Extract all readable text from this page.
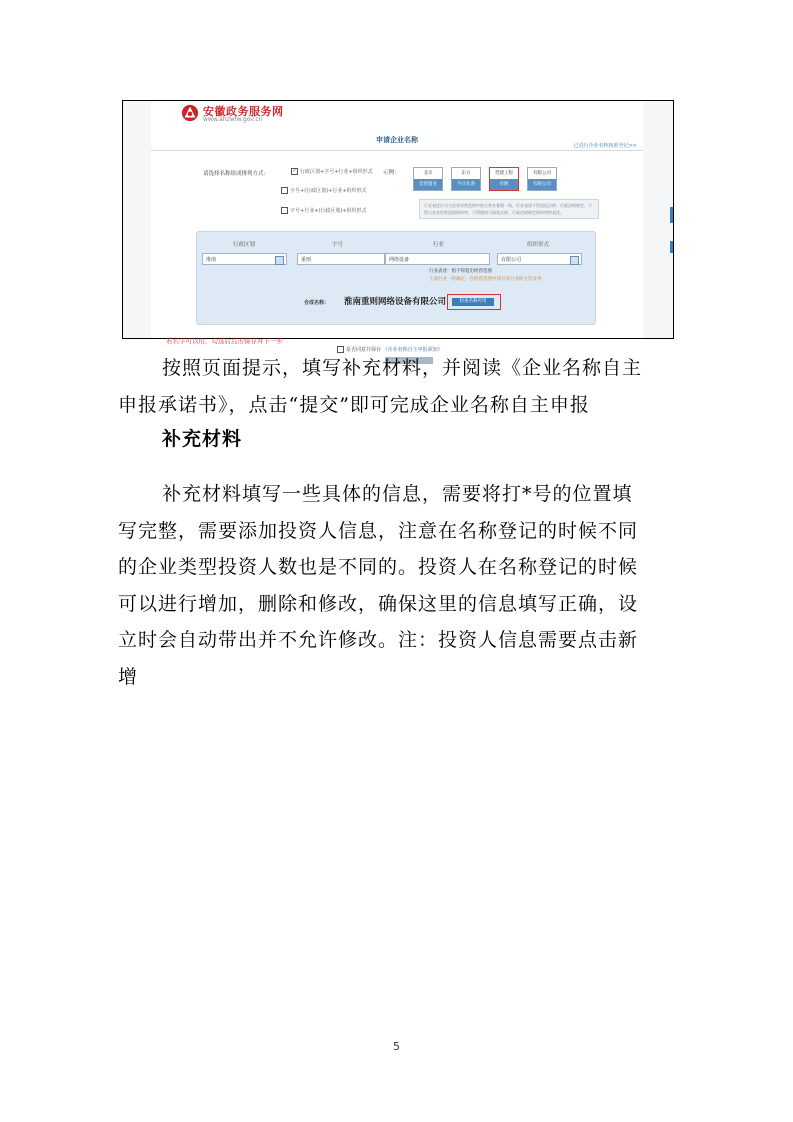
安徽政务服务网
www.ahzwfw.gov.cn
申请企业名称
已进行企业名称核准登记>>
请选择名称组成排列方式：	✓ 行政区划+字号+行业+组织形式
字号+(行政区划)+行业+组织形式
字号+行业+(行政区划)+组织形式
示例：	北京
首创置业
东方
今日头条
营建工程
有限
有限公司
有限公司
行业表述应当与企业经营范围中的主营业务相一致，行业表述不得违反法律、行政法规规定，不得与企业经营范围相冲突，不得使用与国家法律、行政法规规定相冲突的表述。
行政区划	字号	行业	组织形式
淮南	重则	网络设备	有限公司
行业表述：指不得超出经营范围
上面行业一经确定，在经营范围中须有该行业的主营业务
合成名称： 淮南重则网络设备有限公司	检查名称可用
若名字可以用，勾选后点击保存并下一步
是否同意并保存 《企业名称自主申报须知》

按照页面提示，填写补充材料，并阅读《企业名称自主

申报承诺书》，点击“提交”即可完成企业名称自主申报

补充材料

补充材料填写一些具体的信息，需要将打*号的位置填

写完整，需要添加投资人信息，注意在名称登记的时候不同

的企业类型投资人数也是不同的。投资人在名称登记的时候

可以进行增加，删除和修改，确保这里的信息填写正确，设

立时会自动带出并不允许修改。注：投资人信息需要点击新

增

5
